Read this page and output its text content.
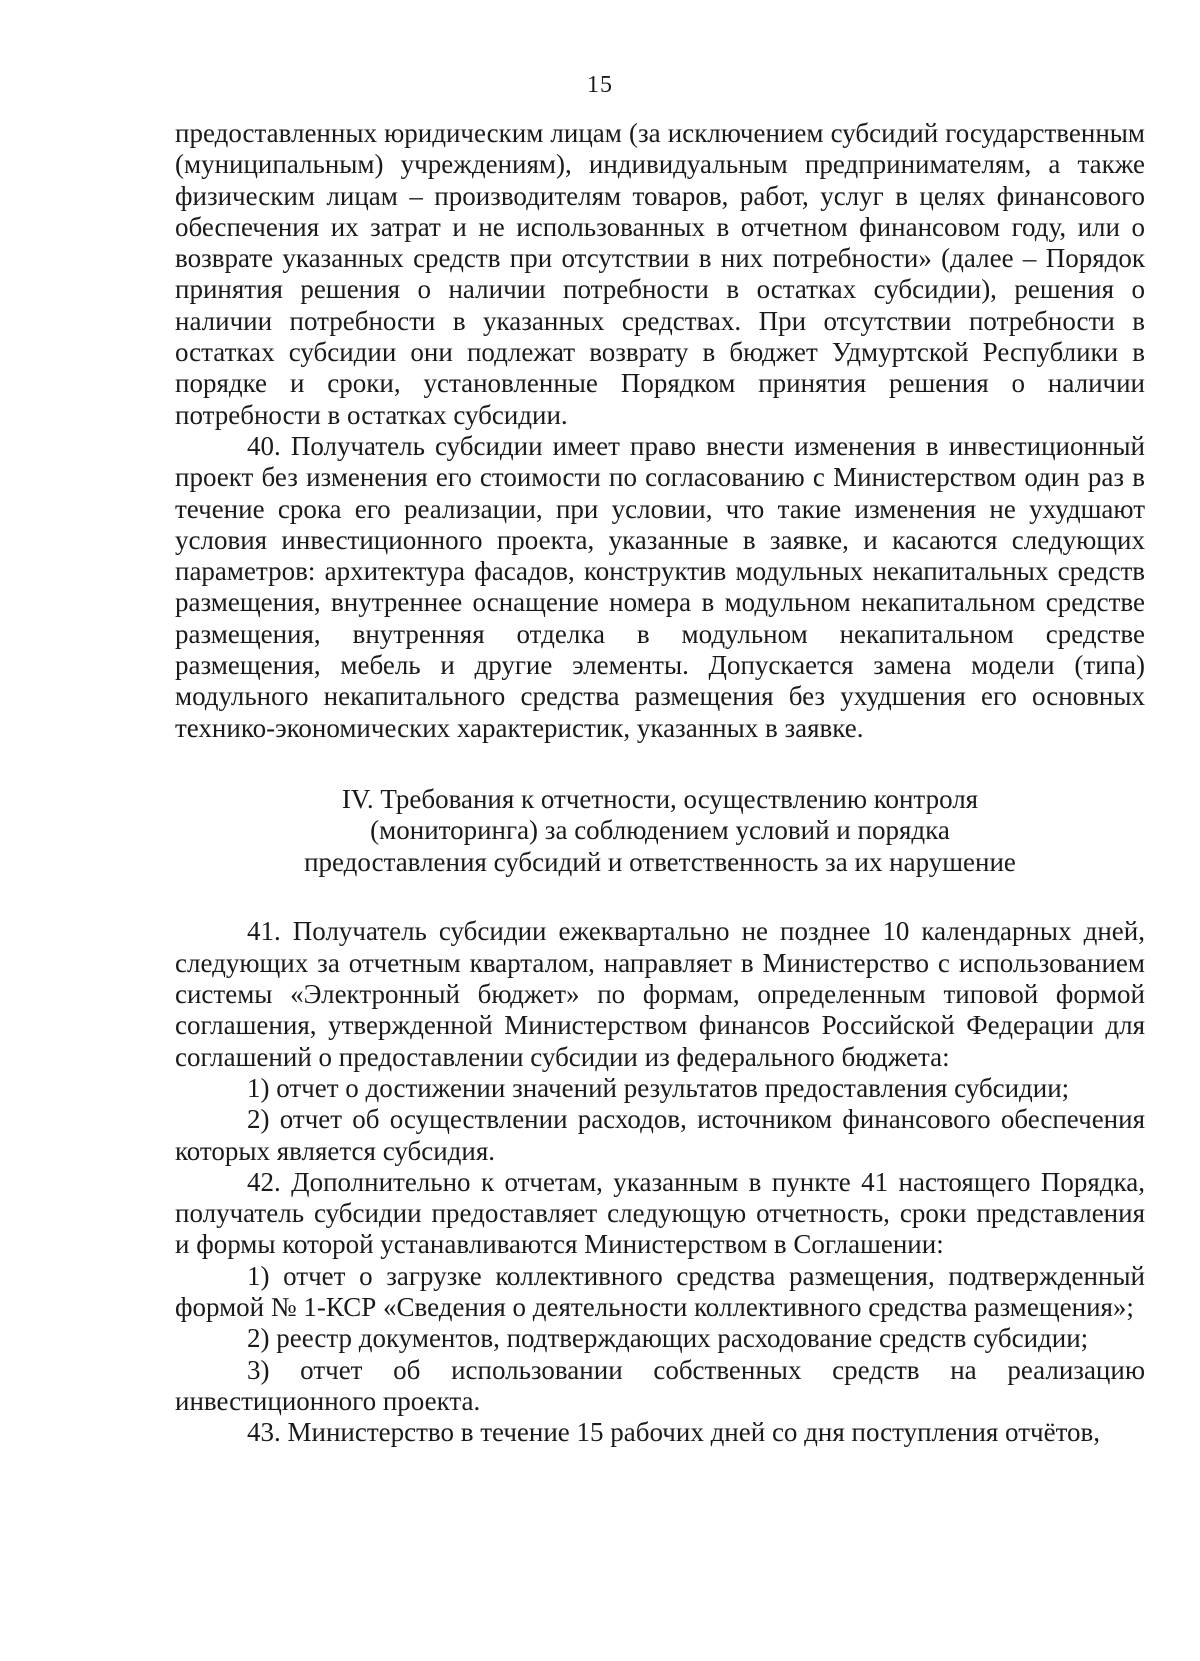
15

предоставленных юридическим лицам (за исключением субсидий государственным (муниципальным) учреждениям), индивидуальным предпринимателям, а также физическим лицам – производителям товаров, работ, услуг в целях финансового обеспечения их затрат и не использованных в отчетном финансовом году, или о возврате указанных средств при отсутствии в них потребности» (далее – Порядок принятия решения о наличии потребности в остатках субсидии), решения о наличии потребности в указанных средствах. При отсутствии потребности в остатках субсидии они подлежат возврату в бюджет Удмуртской Республики в порядке и сроки, установленные Порядком принятия решения о наличии потребности в остатках субсидии.

40. Получатель субсидии имеет право внести изменения в инвестиционный проект без изменения его стоимости по согласованию с Министерством один раз в течение срока его реализации, при условии, что такие изменения не ухудшают условия инвестиционного проекта, указанные в заявке, и касаются следующих параметров: архитектура фасадов, конструктив модульных некапитальных средств размещения, внутреннее оснащение номера в модульном некапитальном средстве размещения, внутренняя отделка в модульном некапитальном средстве размещения, мебель и другие элементы. Допускается замена модели (типа) модульного некапитального средства размещения без ухудшения его основных технико-экономических характеристик, указанных в заявке.

IV. Требования к отчетности, осуществлению контроля
(мониторинга) за соблюдением условий и порядка
предоставления субсидий и ответственность за их нарушение

41. Получатель субсидии ежеквартально не позднее 10 календарных дней, следующих за отчетным кварталом, направляет в Министерство с использованием системы «Электронный бюджет» по формам, определенным типовой формой соглашения, утвержденной Министерством финансов Российской Федерации для соглашений о предоставлении субсидии из федерального бюджета:

1) отчет о достижении значений результатов предоставления субсидии;

2) отчет об осуществлении расходов, источником финансового обеспечения которых является субсидия.

42. Дополнительно к отчетам, указанным в пункте 41 настоящего Порядка, получатель субсидии предоставляет следующую отчетность, сроки представления и формы которой устанавливаются Министерством в Соглашении:

1) отчет о загрузке коллективного средства размещения, подтвержденный формой № 1-КСР «Сведения о деятельности коллективного средства размещения»;

2) реестр документов, подтверждающих расходование средств субсидии;

3) отчет об использовании собственных средств на реализацию инвестиционного проекта.

43. Министерство в течение 15 рабочих дней со дня поступления отчётов,
